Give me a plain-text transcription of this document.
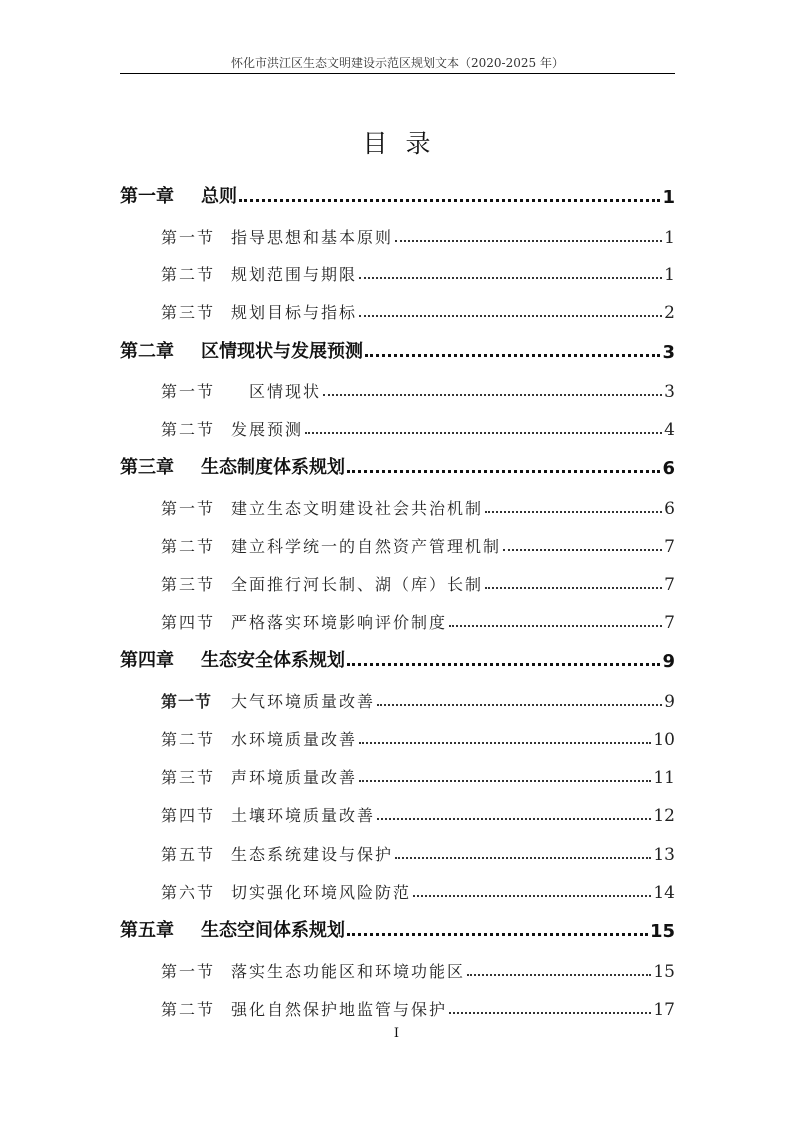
怀化市洪江区生态文明建设示范区规划文本（2020-2025 年）
目录
第一章 总则	1
第一节 指导思想和基本原则	1
第二节 规划范围与期限	1
第三节 规划目标与指标	2
第二章 区情现状与发展预测	3
第一节 区情现状	3
第二节 发展预测	4
第三章 生态制度体系规划	6
第一节 建立生态文明建设社会共治机制	6
第二节 建立科学统一的自然资产管理机制	7
第三节 全面推行河长制、湖（库）长制	7
第四节 严格落实环境影响评价制度	7
第四章 生态安全体系规划	9
第一节 大气环境质量改善	9
第二节 水环境质量改善	10
第三节 声环境质量改善	11
第四节 土壤环境质量改善	12
第五节 生态系统建设与保护	13
第六节 切实强化环境风险防范	14
第五章 生态空间体系规划	15
第一节 落实生态功能区和环境功能区	15
第二节 强化自然保护地监管与保护	17
I
